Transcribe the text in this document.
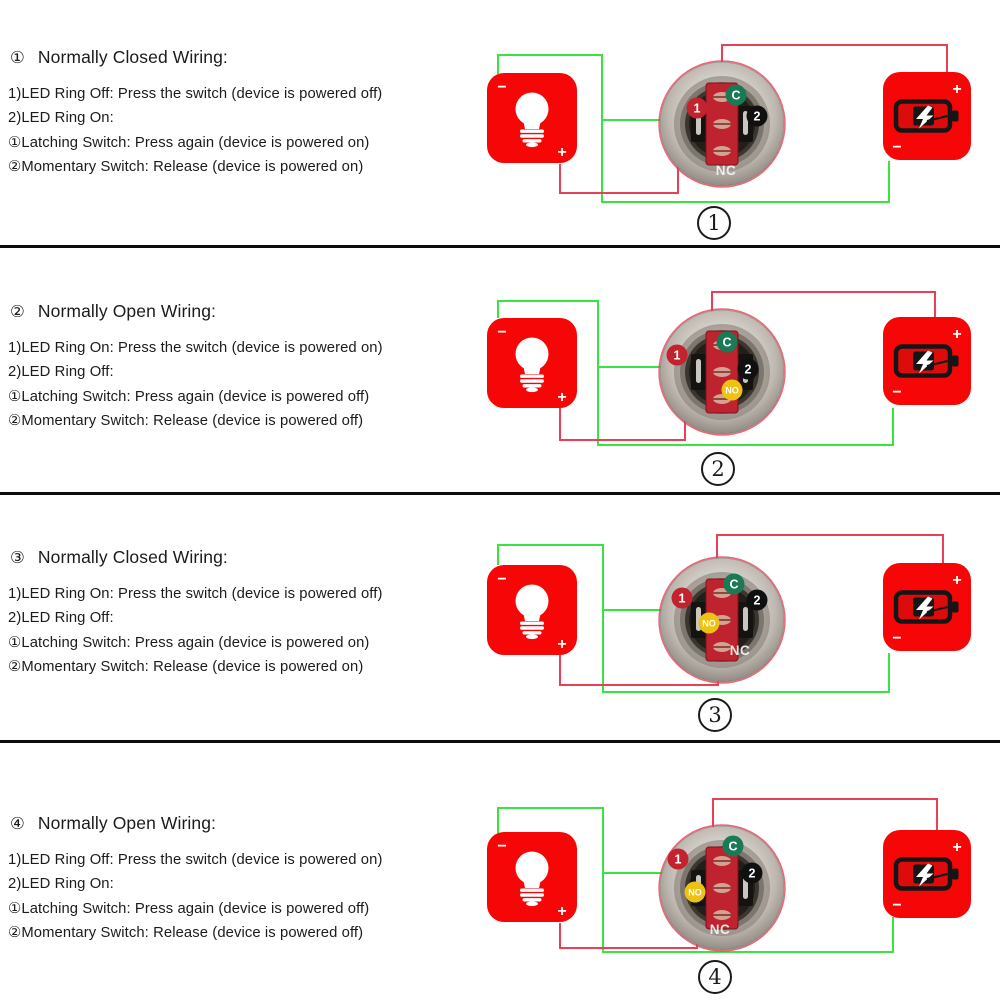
−
+
+
−
1
C
2
NC

① Normally Closed Wiring:

1)LED Ring Off: Press the switch (device is powered off)

2)LED Ring On:

①Latching Switch: Press again (device is powered on)

②Momentary Switch: Release (device is powered on)

1
−
+
+
−
1
C
2
NO

② Normally Open Wiring:

1)LED Ring On: Press the switch (device is powered on)

2)LED Ring Off:

①Latching Switch: Press again (device is powered off)

②Momentary Switch: Release (device is powered off)

2
−
+
+
−
1
C
2
NO
NC

③ Normally Closed Wiring:

1)LED Ring On: Press the switch (device is powered off)

2)LED Ring Off:

①Latching Switch: Press again (device is powered on)

②Momentary Switch: Release (device is powered on)

3
−
+
+
−
1
C
2
NO
NC

④ Normally Open Wiring:

1)LED Ring Off: Press the switch (device is powered on)

2)LED Ring On:

①Latching Switch: Press again (device is powered off)

②Momentary Switch: Release (device is powered off)

4
